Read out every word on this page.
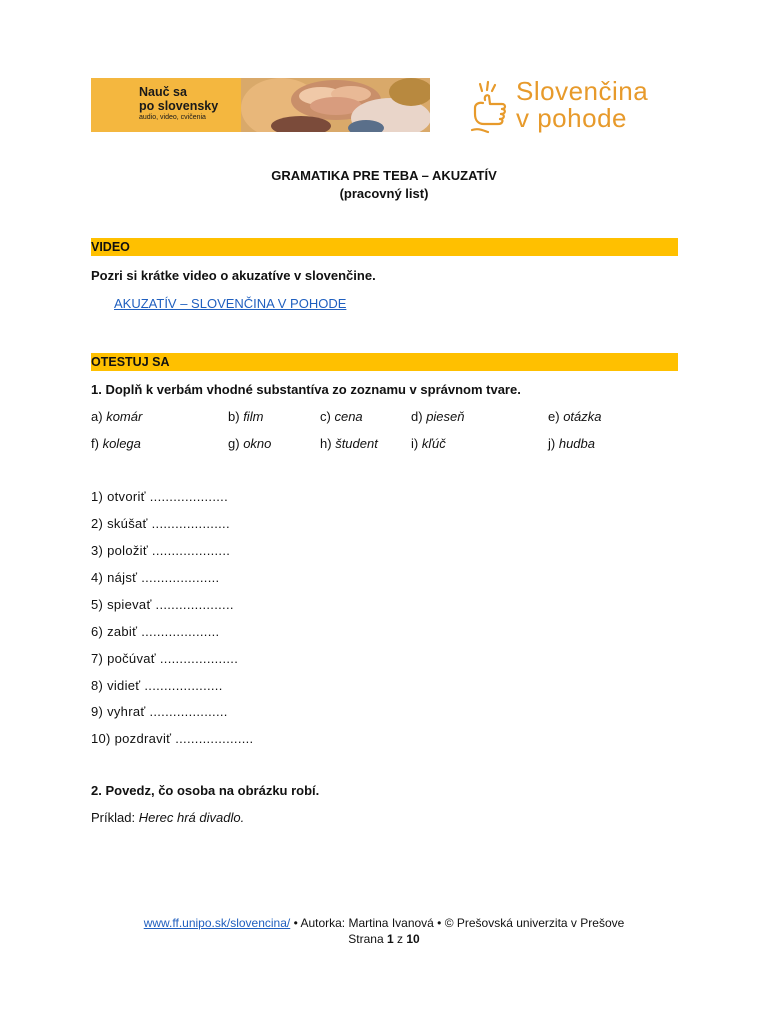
Nauč sa
po slovensky
audio, video, cvičenia
Slovenčina
v pohode
GRAMATIKA PRE TEBA – AKUZATÍV
(pracovný list)
VIDEO
Pozri si krátke video o akuzatíve v slovenčine.
AKUZATÍV – SLOVENČINA V POHODE
OTESTUJ SA
1. Doplň k verbám vhodné substantíva zo zoznamu v správnom tvare.
a) komár	b) film	c) cena	d) pieseň	e) otázka
f) kolega	g) okno	h) študent	i) kľúč	j) hudba
1) otvoriť ....................
2) skúšať ....................
3) položiť ....................
4) nájsť ....................
5) spievať ....................
6) zabiť ....................
7) počúvať ....................
8) vidieť ....................
9) vyhrať ....................
10) pozdraviť ....................
2. Povedz, čo osoba na obrázku robí.
Príklad: Herec hrá divadlo.
www.ff.unipo.sk/slovencina/ • Autorka: Martina Ivanová • © Prešovská univerzita v Prešove
Strana 1 z 10
